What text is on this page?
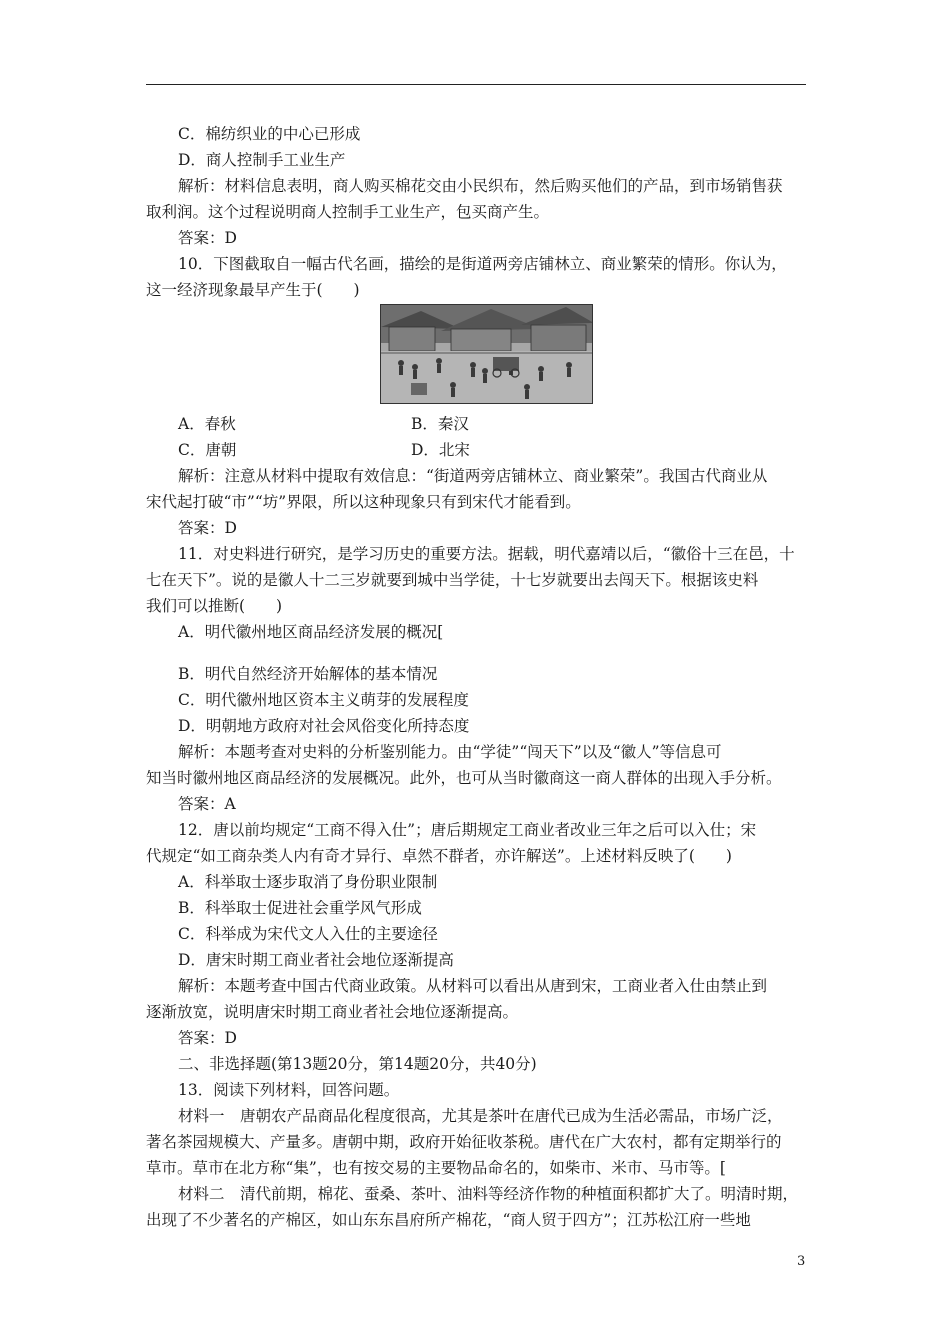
C．棉纺织业的中心已形成
D．商人控制手工业生产
解析：材料信息表明，商人购买棉花交由小民织布，然后购买他们的产品，到市场销售获
取利润。这个过程说明商人控制手工业生产，包买商产生。
答案：D
10．下图截取自一幅古代名画，描绘的是街道两旁店铺林立、商业繁荣的情形。你认为，
这一经济现象最早产生于(　　)
A．春秋	B．秦汉
C．唐朝	D．北宋
解析：注意从材料中提取有效信息：“街道两旁店铺林立、商业繁荣”。我国古代商业从
宋代起打破“市”“坊”界限，所以这种现象只有到宋代才能看到。
答案：D
11．对史料进行研究，是学习历史的重要方法。据载，明代嘉靖以后，“徽俗十三在邑，十
七在天下”。说的是徽人十二三岁就要到城中当学徒，十七岁就要出去闯天下。根据该史料
我们可以推断(　　)
A．明代徽州地区商品经济发展的概况[
B．明代自然经济开始解体的基本情况
C．明代徽州地区资本主义萌芽的发展程度
D．明朝地方政府对社会风俗变化所持态度
解析：本题考查对史料的分析鉴别能力。由“学徒”“闯天下”以及“徽人”等信息可
知当时徽州地区商品经济的发展概况。此外，也可从当时徽商这一商人群体的出现入手分析。
答案：A
12．唐以前均规定“工商不得入仕”；唐后期规定工商业者改业三年之后可以入仕；宋
代规定“如工商杂类人内有奇才异行、卓然不群者，亦许解送”。上述材料反映了(　　)
A．科举取士逐步取消了身份职业限制
B．科举取士促进社会重学风气形成
C．科举成为宋代文人入仕的主要途径
D．唐宋时期工商业者社会地位逐渐提高
解析：本题考查中国古代商业政策。从材料可以看出从唐到宋，工商业者入仕由禁止到
逐渐放宽，说明唐宋时期工商业者社会地位逐渐提高。
答案：D
二、非选择题(第13题20分，第14题20分，共40分)
13．阅读下列材料，回答问题。
材料一　唐朝农产品商品化程度很高，尤其是茶叶在唐代已成为生活必需品，市场广泛，
著名茶园规模大、产量多。唐朝中期，政府开始征收茶税。唐代在广大农村，都有定期举行的
草市。草市在北方称“集”，也有按交易的主要物品命名的，如柴市、米市、马市等。[
材料二　清代前期，棉花、蚕桑、茶叶、油料等经济作物的种植面积都扩大了。明清时期，
出现了不少著名的产棉区，如山东东昌府所产棉花，“商人贸于四方”；江苏松江府一些地
3
